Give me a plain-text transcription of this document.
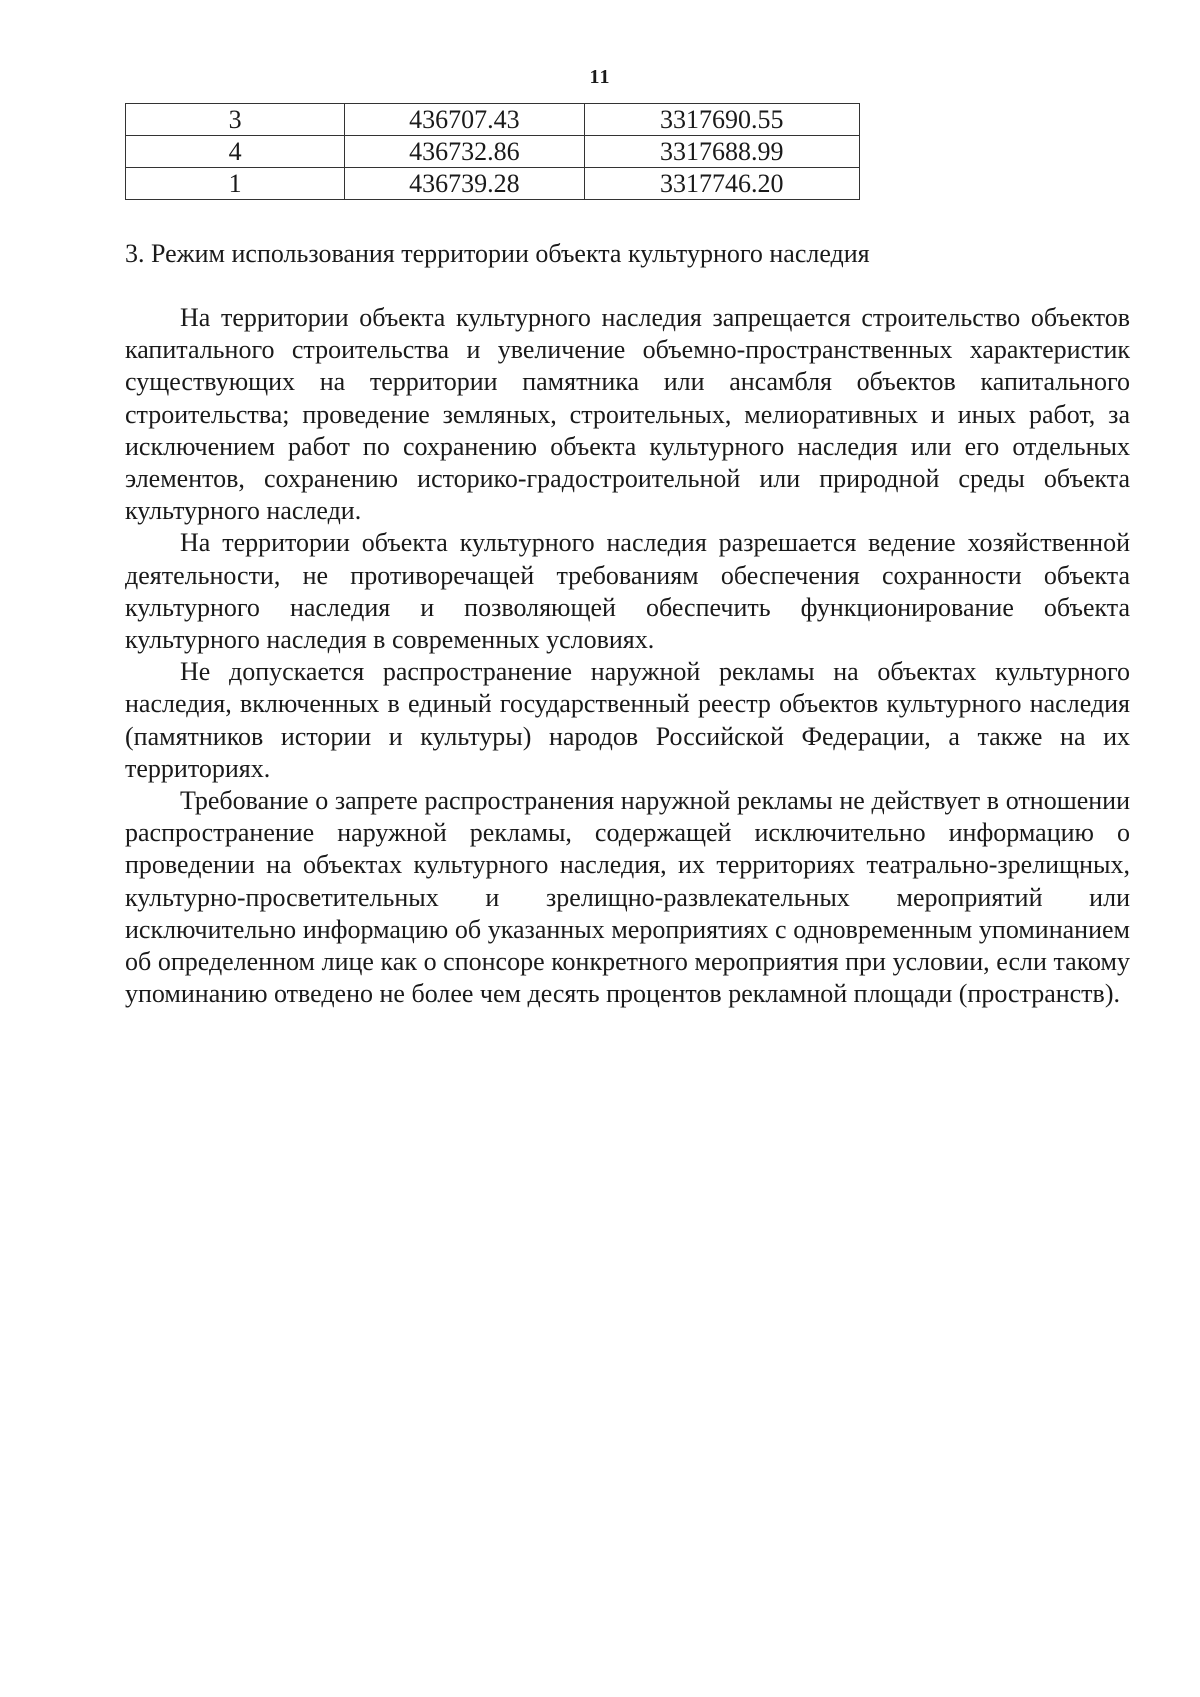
11
3	436707.43	3317690.55
4	436732.86	3317688.99
1	436739.28	3317746.20
3. Режим использования территории объекта культурного наследия

На территории объекта культурного наследия запрещается строительство объектов капитального строительства и увеличение объемно-пространственных характеристик существующих на территории памятника или ансамбля объектов капитального строительства; проведение земляных, строительных, мелиоративных и иных работ, за исключением работ по сохранению объекта культурного наследия или его отдельных элементов, сохранению историко-градостроительной или природной среды объекта культурного наследи.

На территории объекта культурного наследия разрешается ведение хозяйственной деятельности, не противоречащей требованиям обеспечения сохранности объекта культурного наследия и позволяющей обеспечить функционирование объекта культурного наследия в современных условиях.

Не допускается распространение наружной рекламы на объектах культурного наследия, включенных в единый государственный реестр объектов культурного наследия (памятников истории и культуры) народов Российской Федерации, а также на их территориях.

Требование о запрете распространения наружной рекламы не действует в отношении распространение наружной рекламы, содержащей исключительно информацию о проведении на объектах культурного наследия, их территориях театрально-зрелищных, культурно-просветительных и зрелищно-развлекательных мероприятий или исключительно информацию об указанных мероприятиях с одновременным упоминанием об определенном лице как о спонсоре конкретного мероприятия при условии, если такому упоминанию отведено не более чем десять процентов рекламной площади (пространств).
